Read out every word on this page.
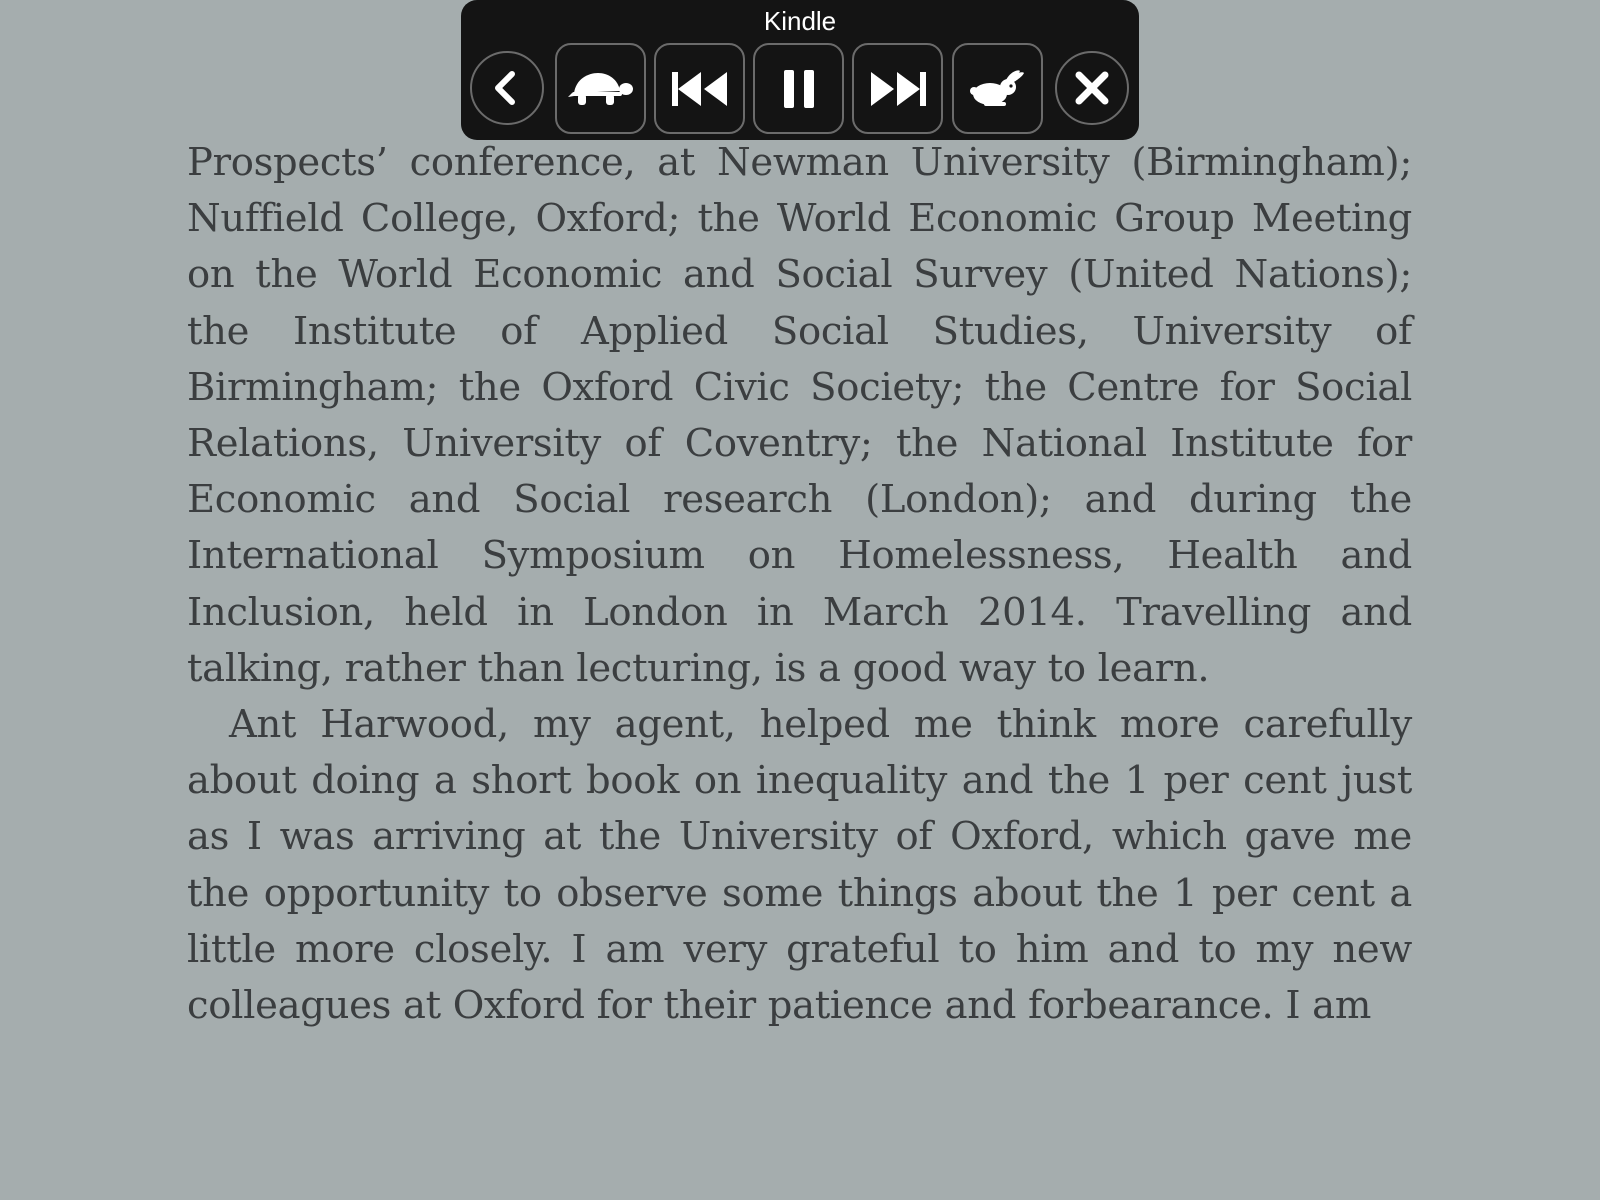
Kindle

Prospects’ conference, at Newman University (Birmingham); Nuffield College, Oxford; the World Economic Group Meeting on the World Economic and Social Survey (United Nations); the Institute of Applied Social Studies, University of Birmingham; the Oxford Civic Society; the Centre for Social Relations, University of Coventry; the National Institute for Economic and Social research (London); and during the International Symposium on Homelessness, Health and Inclusion, held in London in March 2014. Travelling and talking, rather than lecturing, is a good way to learn.

Ant Harwood, my agent, helped me think more carefully about doing a short book on inequality and the 1 per cent just as I was arriving at the University of Oxford, which gave me the opportunity to observe some things about the 1 per cent a little more closely. I am very grateful to him and to my new colleagues at Oxford for their patience and forbearance. I am
